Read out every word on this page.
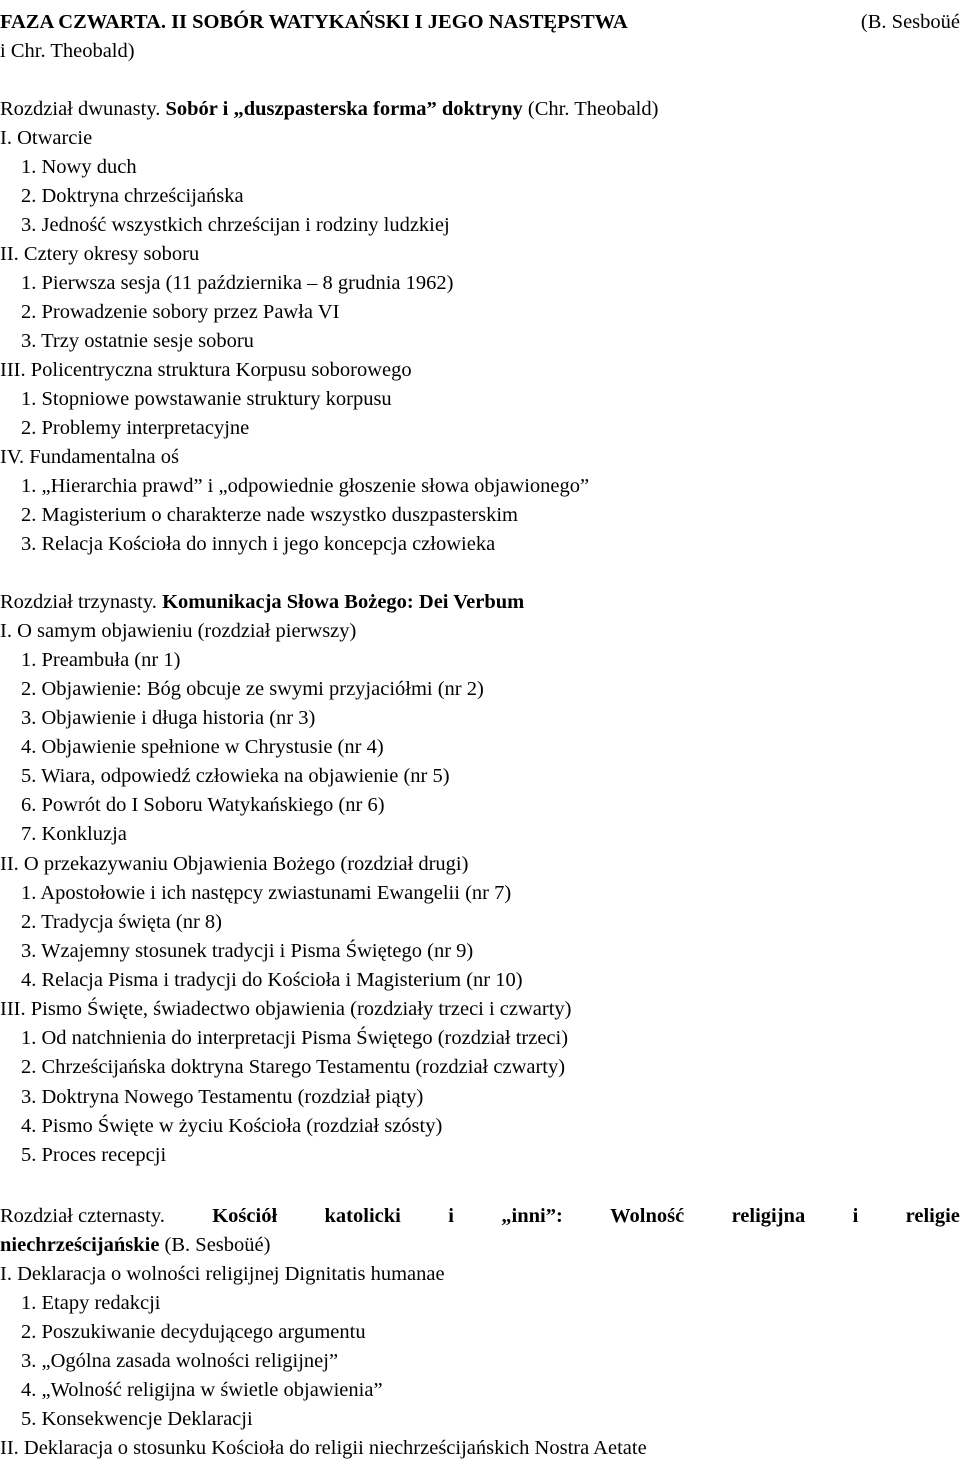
FAZA CZWARTA. II SOBÓR WATYKAŃSKI I JEGO NASTĘPSTWA	(B. Sesboüé
i Chr. Theobald)
Rozdział dwunasty. Sobór i „duszpasterska forma” doktryny (Chr. Theobald)
I. Otwarcie
1. Nowy duch
2. Doktryna chrześcijańska
3. Jedność wszystkich chrześcijan i rodziny ludzkiej
II. Cztery okresy soboru
1. Pierwsza sesja (11 października – 8 grudnia 1962)
2. Prowadzenie sobory przez Pawła VI
3. Trzy ostatnie sesje soboru
III. Policentryczna struktura Korpusu soborowego
1. Stopniowe powstawanie struktury korpusu
2. Problemy interpretacyjne
IV. Fundamentalna oś
1. „Hierarchia prawd” i „odpowiednie głoszenie słowa objawionego”
2. Magisterium o charakterze nade wszystko duszpasterskim
3. Relacja Kościoła do innych i jego koncepcja człowieka
Rozdział trzynasty. Komunikacja Słowa Bożego: Dei Verbum
I. O samym objawieniu (rozdział pierwszy)
1. Preambuła (nr 1)
2. Objawienie: Bóg obcuje ze swymi przyjaciółmi (nr 2)
3. Objawienie i długa historia (nr 3)
4. Objawienie spełnione w Chrystusie (nr 4)
5. Wiara, odpowiedź człowieka na objawienie (nr 5)
6. Powrót do I Soboru Watykańskiego (nr 6)
7. Konkluzja
II. O przekazywaniu Objawienia Bożego (rozdział drugi)
1. Apostołowie i ich następcy zwiastunami Ewangelii (nr 7)
2. Tradycja święta (nr 8)
3. Wzajemny stosunek tradycji i Pisma Świętego (nr 9)
4. Relacja Pisma i tradycji do Kościoła i Magisterium (nr 10)
III. Pismo Święte, świadectwo objawienia (rozdziały trzeci i czwarty)
1. Od natchnienia do interpretacji Pisma Świętego (rozdział trzeci)
2. Chrześcijańska doktryna Starego Testamentu (rozdział czwarty)
3. Doktryna Nowego Testamentu (rozdział piąty)
4. Pismo Święte w życiu Kościoła (rozdział szósty)
5. Proces recepcji
Rozdział czternasty. Kościół katolicki i „inni”: Wolność religijna i religie
niechrześcijańskie (B. Sesboüé)
I. Deklaracja o wolności religijnej Dignitatis humanae
1. Etapy redakcji
2. Poszukiwanie decydującego argumentu
3. „Ogólna zasada wolności religijnej”
4. „Wolność religijna w świetle objawienia”
5. Konsekwencje Deklaracji
II. Deklaracja o stosunku Kościoła do religii niechrześcijańskich Nostra Aetate
